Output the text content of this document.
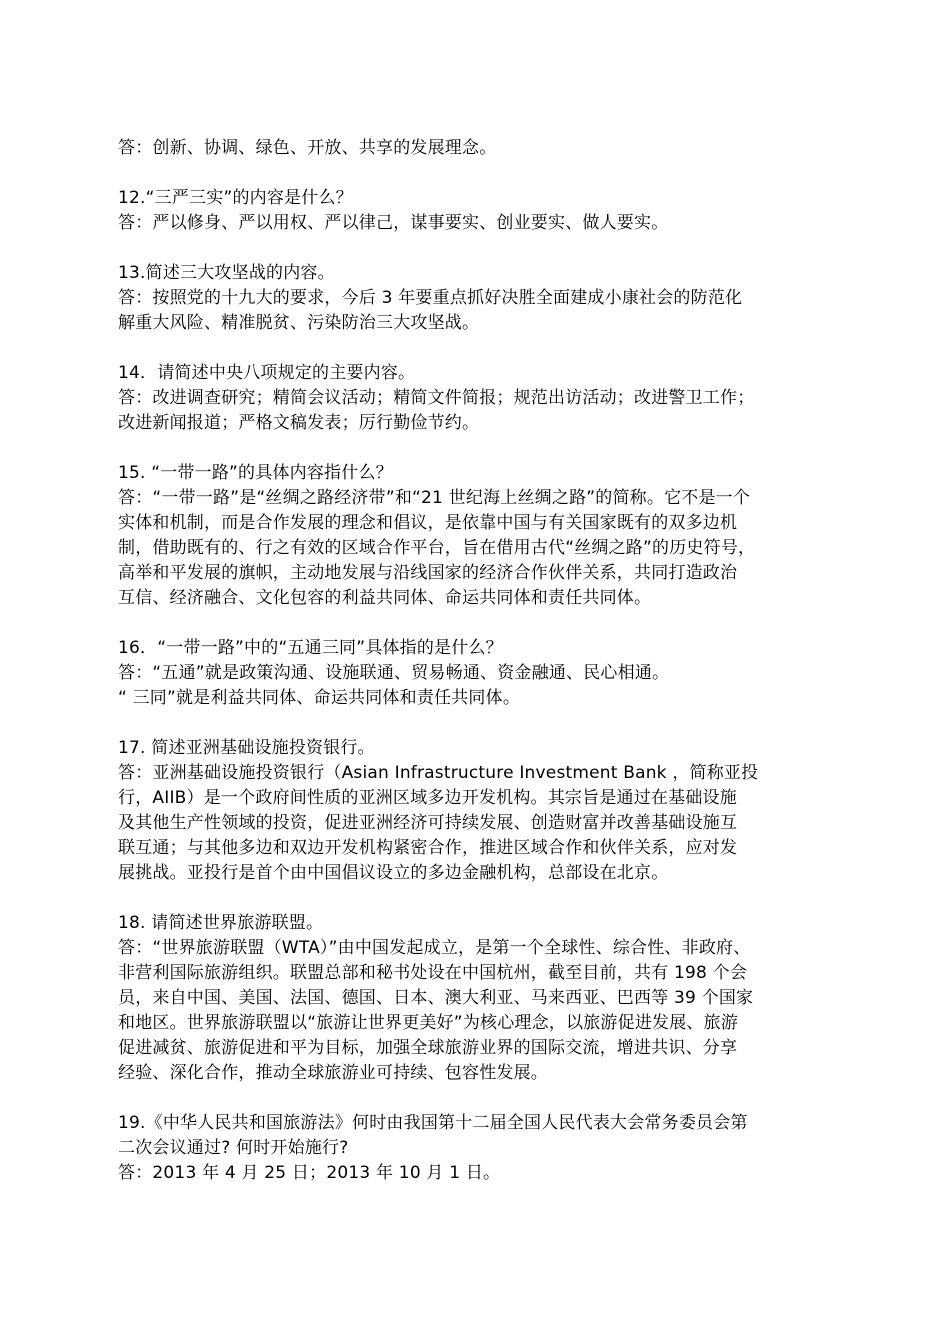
答：创新、协调、绿色、开放、共享的发展理念。
12.“三严三实”的内容是什么？
答：严以修身、严以用权、严以律己，谋事要实、创业要实、做人要实。
13.简述三大攻坚战的内容。
答：按照党的十九大的要求，今后 3 年要重点抓好决胜全面建成小康社会的防范化
解重大风险、精准脱贫、污染防治三大攻坚战。
14．请简述中央八项规定的主要内容。
答：改进调查研究；精简会议活动；精简文件简报；规范出访活动；改进警卫工作；
改进新闻报道；严格文稿发表；厉行勤俭节约。
15. “一带一路”的具体内容指什么？
答：“一带一路”是“丝绸之路经济带”和“21 世纪海上丝绸之路”的简称。它不是一个
实体和机制，而是合作发展的理念和倡议，是依靠中国与有关国家既有的双多边机
制，借助既有的、行之有效的区域合作平台，旨在借用古代“丝绸之路”的历史符号，
高举和平发展的旗帜，主动地发展与沿线国家的经济合作伙伴关系，共同打造政治
互信、经济融合、文化包容的利益共同体、命运共同体和责任共同体。
16．“一带一路”中的“五通三同”具体指的是什么？
答：“五通”就是政策沟通、设施联通、贸易畅通、资金融通、民心相通。
“ 三同”就是利益共同体、命运共同体和责任共同体。
17. 简述亚洲基础设施投资银行。
答：亚洲基础设施投资银行（Asian Infrastructure Investment Bank ，简称亚投
行，AIIB）是一个政府间性质的亚洲区域多边开发机构。其宗旨是通过在基础设施
及其他生产性领域的投资，促进亚洲经济可持续发展、创造财富并改善基础设施互
联互通；与其他多边和双边开发机构紧密合作，推进区域合作和伙伴关系，应对发
展挑战。亚投行是首个由中国倡议设立的多边金融机构，总部设在北京。
18. 请简述世界旅游联盟。
答：“世界旅游联盟（WTA）”由中国发起成立，是第一个全球性、综合性、非政府、
非营利国际旅游组织。联盟总部和秘书处设在中国杭州，截至目前，共有 198 个会
员，来自中国、美国、法国、德国、日本、澳大利亚、马来西亚、巴西等 39 个国家
和地区。世界旅游联盟以“旅游让世界更美好”为核心理念，以旅游促进发展、旅游
促进减贫、旅游促进和平为目标，加强全球旅游业界的国际交流，增进共识、分享
经验、深化合作，推动全球旅游业可持续、包容性发展。
19.《中华人民共和国旅游法》何时由我国第十二届全国人民代表大会常务委员会第
二次会议通过? 何时开始施行?
答：2013 年 4 月 25 日；2013 年 10 月 1 日。
